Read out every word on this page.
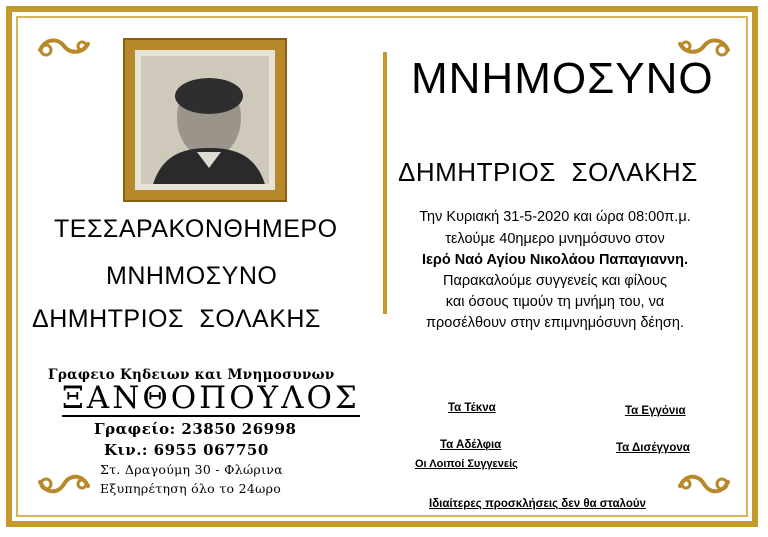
ΤΕΣΣΑΡΑΚΟΝΘΗΜΕΡΟ
ΜΝΗΜΟΣΥΝΟ
ΔΗΜΗΤΡΙΟΣ ΣΟΛΑΚΗΣ
Γραφειο Κηδειων και Μνημοσυνων
ΞΑΝΘΟΠΟΥΛΟΣ
Γραφείο: 23850 26998
Κιν.: 6955 067750
Στ. Δραγούμη 30 - Φλώρινα
Εξυπηρέτηση όλο το 24ωρο
ΜΝΗΜΟΣΥΝΟ
ΔΗΜΗΤΡΙΟΣ ΣΟΛΑΚΗΣ
Την Κυριακή 31-5-2020 και ώρα 08:00π.μ.
τελούμε 40ημερο μνημόσυνο στον
Ιερό Ναό Αγίου Νικολάου Παπαγιαννη.
Παρακαλούμε συγγενείς και φίλους
και όσους τιμούν τη μνήμη του, να
προσέλθουν στην επιμνημόσυνη δέηση.
Τα Τέκνα	Τα Εγγόνια
Τα Αδέλφια	Τα Δισέγγονα
Οι Λοιποί Συγγενείς
Ιδιαίτερες προσκλήσεις δεν θα σταλούν
